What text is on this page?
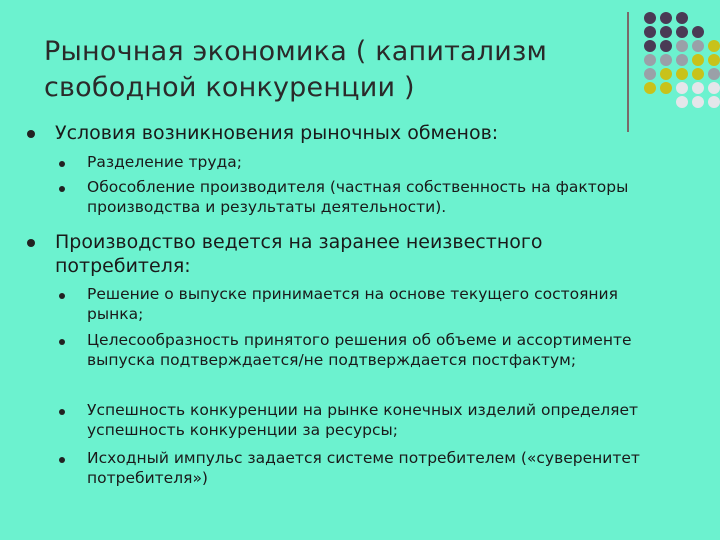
Рыночная экономика ( капитализм
свободной конкуренции )
Условия возникновения рыночных обменов:
Разделение труда;
Обособление производителя (частная собственность на факторы производства и результаты деятельности).
Производство ведется на заранее неизвестного потребителя:
Решение о выпуске принимается на основе текущего состояния рынка;
Целесообразность принятого решения об объеме и ассортименте выпуска подтверждается/не подтверждается постфактум;
Успешность конкуренции на рынке конечных изделий определяет успешность конкуренции за ресурсы;
Исходный импульс задается системе потребителем («суверенитет потребителя»)
